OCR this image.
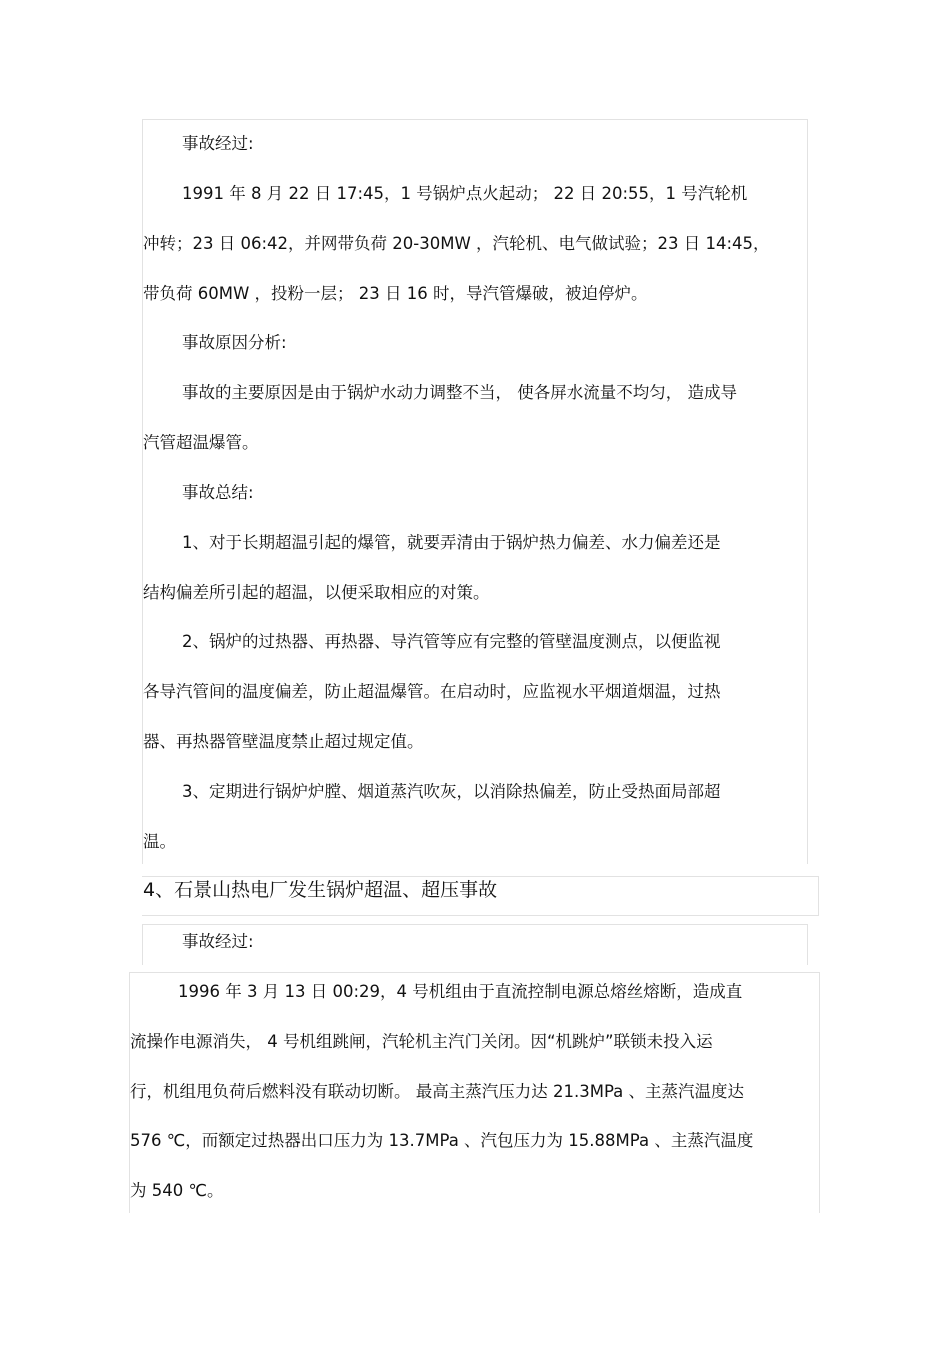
事故经过:
1991 年 8 月 22 日 17:45，1 号锅炉点火起动； 22 日 20:55，1 号汽轮机
冲转；23 日 06:42，并网带负荷 20-30MW ，汽轮机、电气做试验；23 日 14:45，
带负荷 60MW ，投粉一层； 23 日 16 时，导汽管爆破，被迫停炉。
事故原因分析:
事故的主要原因是由于锅炉水动力调整不当， 使各屏水流量不均匀， 造成导
汽管超温爆管。
事故总结:
1、对于长期超温引起的爆管，就要弄清由于锅炉热力偏差、水力偏差还是
结构偏差所引起的超温，以便采取相应的对策。
2、锅炉的过热器、再热器、导汽管等应有完整的管壁温度测点，以便监视
各导汽管间的温度偏差，防止超温爆管。在启动时，应监视水平烟道烟温，过热
器、再热器管壁温度禁止超过规定值。
3、定期进行锅炉炉膛、烟道蒸汽吹灰，以消除热偏差，防止受热面局部超
温。
4、石景山热电厂发生锅炉超温、超压事故
事故经过:
1996 年 3 月 13 日 00:29，4 号机组由于直流控制电源总熔丝熔断，造成直
流操作电源消失， 4 号机组跳闸，汽轮机主汽门关闭。因“机跳炉”联锁未投入运
行，机组甩负荷后燃料没有联动切断。 最高主蒸汽压力达 21.3MPa 、主蒸汽温度达
576 ℃，而额定过热器出口压力为 13.7MPa 、汽包压力为 15.88MPa 、主蒸汽温度
为 540 ℃。
